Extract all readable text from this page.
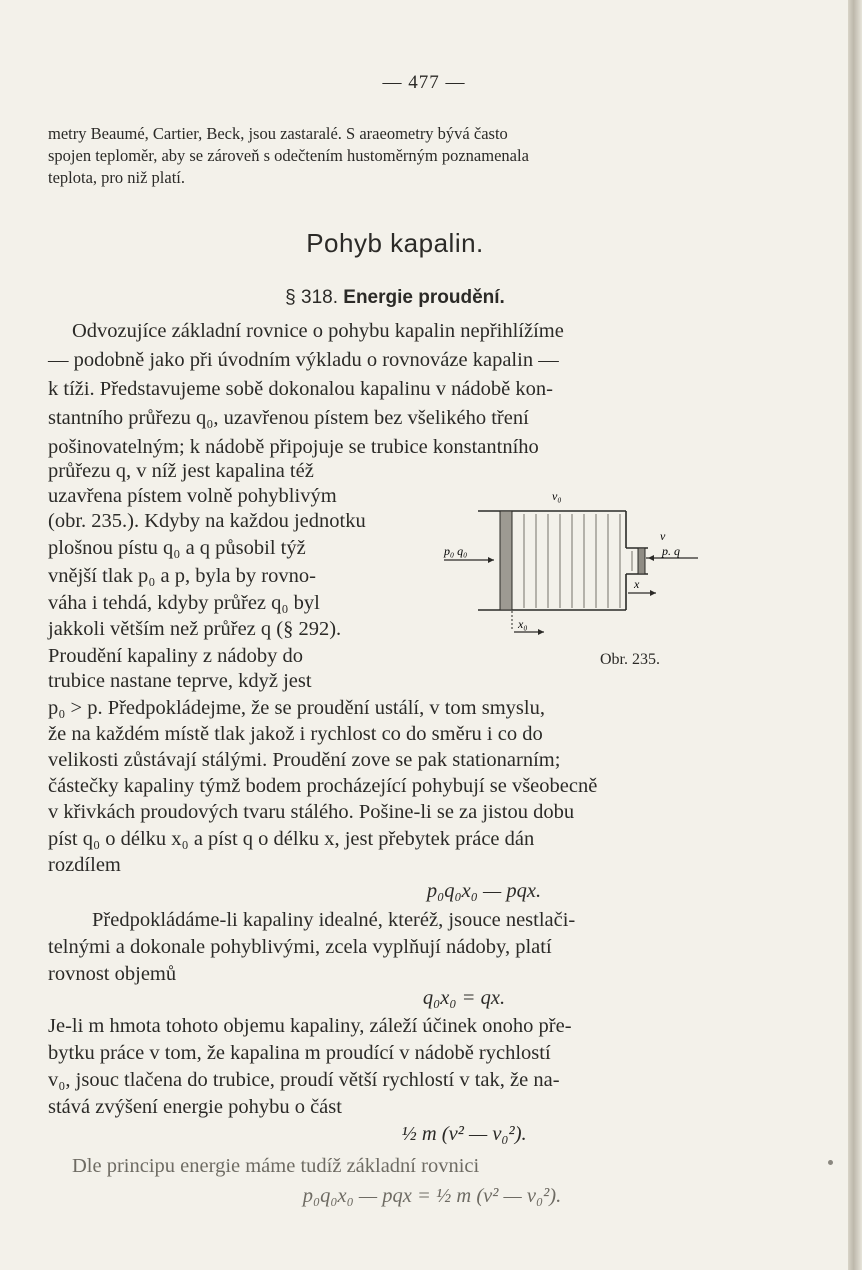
— 477 —
metry Beaumé, Cartier, Beck, jsou zastaralé. S araeometry bývá často
spojen teploměr, aby se zároveň s odečtením hustoměrným poznamenala
teplota, pro niž platí.
Pohyb kapalin.
§ 318. Energie proudění.
Odvozujíce základní rovnice o pohybu kapalin nepřihlížíme
— podobně jako při úvodním výkladu o rovnováze kapalin —
k tíži. Představujeme sobě dokonalou kapalinu v nádobě kon-
stantního průřezu q₀, uzavřenou pístem bez všelikého tření
pošinovatelným; k nádobě připojuje se trubice konstantního
průřezu q, v níž jest kapalina též
uzavřena pístem volně pohyblivým
(obr. 235.). Kdyby na každou jednotku
plošnou pístu q₀ a q působil týž
vnější tlak p₀ a p, byla by rovno-
váha i tehdá, kdyby průřez q₀ byl
jakkoli větším než průřez q (§ 292).
Proudění kapaliny z nádoby do
trubice nastane teprve, když jest
v₀
p₀ q₀
v
p. q
x
x₀
Obr. 235.
p₀ > p. Předpokládejme, že se proudění ustálí, v tom smyslu,
že na každém místě tlak jakož i rychlost co do směru i co do
velikosti zůstávají stálými. Proudění zove se pak stationarním;
částečky kapaliny týmž bodem procházející pohybují se všeobecně
v křivkách proudových tvaru stálého. Pošine-li se za jistou dobu
píst q₀ o délku x₀ a píst q o délku x, jest přebytek práce dán
rozdílem
p₀q₀x₀ — pqx.
Předpokládáme-li kapaliny idealné, kteréž, jsouce nestlači-
telnými a dokonale pohyblivými, zcela vyplňují nádoby, platí
rovnost objemů
q₀x₀ = qx.
Je-li m hmota tohoto objemu kapaliny, záleží účinek onoho pře-
bytku práce v tom, že kapalina m proudící v nádobě rychlostí
v₀, jsouc tlačena do trubice, proudí větší rychlostí v tak, že na-
stává zvýšení energie pohybu o část
½ m (v² — v₀²).
Dle principu energie máme tudíž základní rovnici
p₀q₀x₀ — pqx = ½ m (v² — v₀²).
